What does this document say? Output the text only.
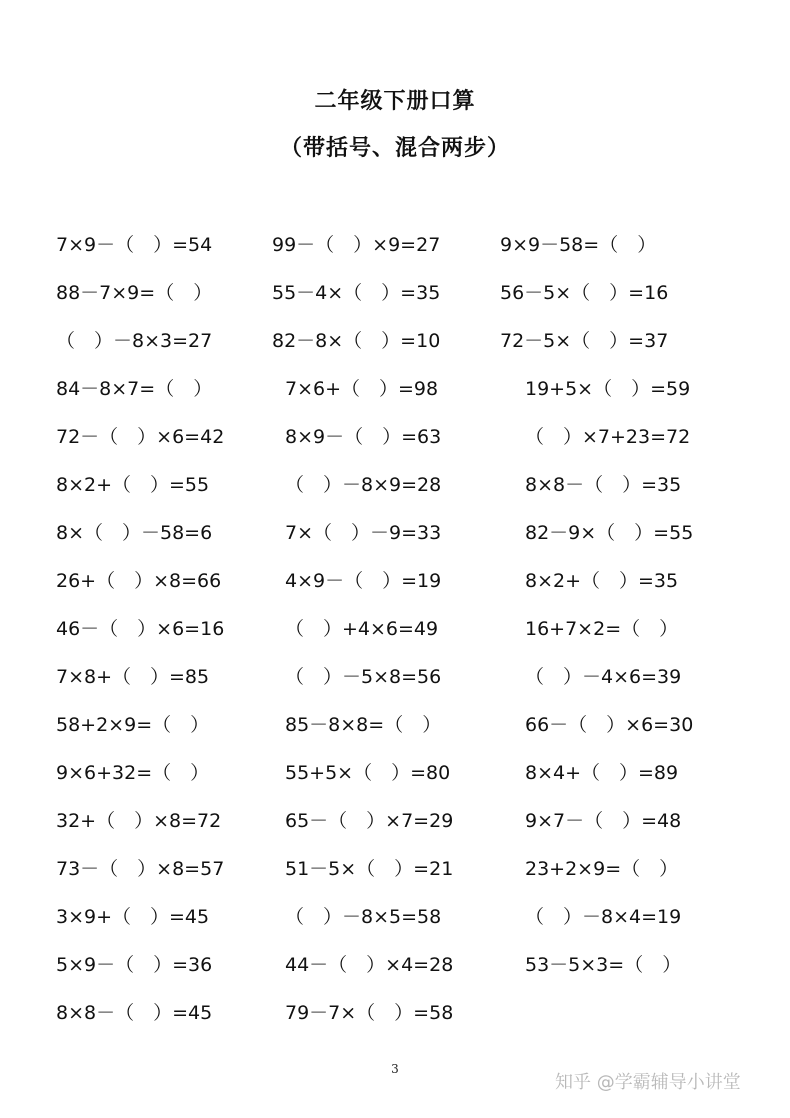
二年级下册口算
（带括号、混合两步）
7×9－（　）=54	99－（　）×9=27	9×9－58=（　）
88－7×9=（　）	55－4×（　）=35	56－5×（　）=16
（　）－8×3=27	82－8×（　）=10	72－5×（　）=37
84－8×7=（　）	7×6+（　）=98	19+5×（　）=59
72－（　）×6=42	8×9－（　）=63	（　）×7+23=72
8×2+（　）=55	（　）－8×9=28	8×8－（　）=35
8×（　）－58=6	7×（　）－9=33	82－9×（　）=55
26+（　）×8=66	4×9－（　）=19	8×2+（　）=35
46－（　）×6=16	（　）+4×6=49	16+7×2=（　）
7×8+（　）=85	（　）－5×8=56	（　）－4×6=39
58+2×9=（　）	85－8×8=（　）	66－（　）×6=30
9×6+32=（　）	55+5×（　）=80	8×4+（　）=89
32+（　）×8=72	65－（　）×7=29	9×7－（　）=48
73－（　）×8=57	51－5×（　）=21	23+2×9=（　）
3×9+（　）=45	（　）－8×5=58	（　）－8×4=19
5×9－（　）=36	44－（　）×4=28	53－5×3=（　）
8×8－（　）=45	79－7×（　）=58
3
知乎 @学霸辅导小讲堂
